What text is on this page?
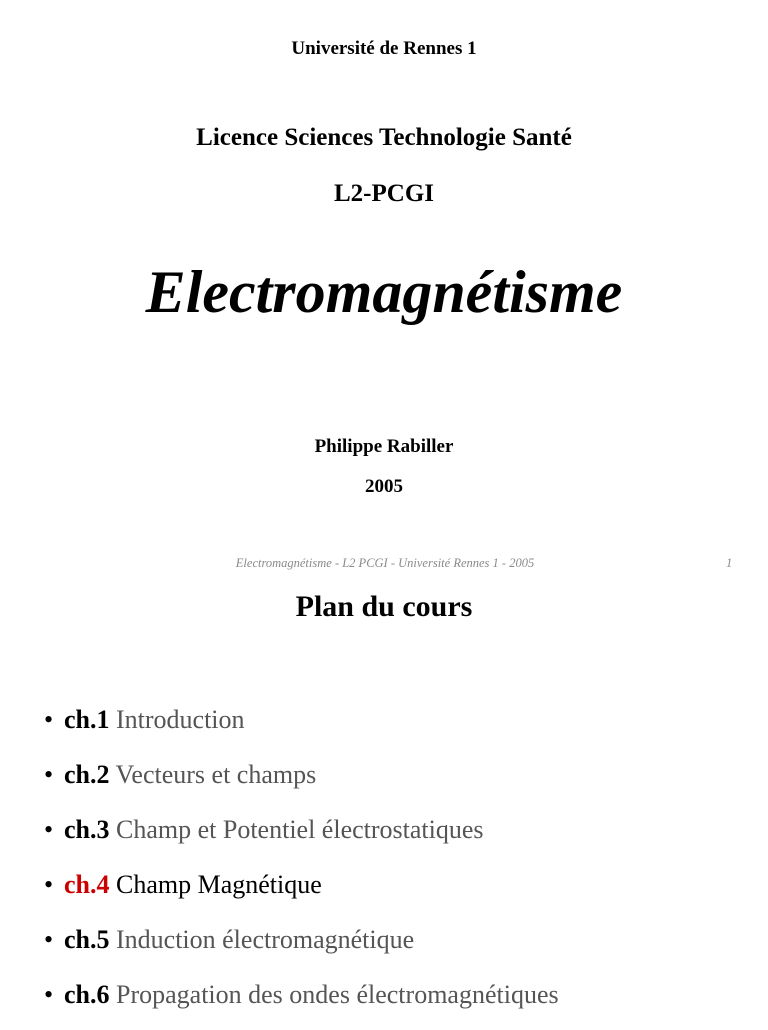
Université de Rennes 1
Licence Sciences Technologie Santé
L2-PCGI
Electromagnétisme
Philippe Rabiller
2005
Electromagnétisme - L2 PCGI - Université Rennes 1 - 2005	1
Plan du cours
• ch.1 Introduction
• ch.2 Vecteurs et champs
• ch.3 Champ et Potentiel électrostatiques
• ch.4 Champ Magnétique
• ch.5 Induction électromagnétique
• ch.6 Propagation des ondes électromagnétiques
